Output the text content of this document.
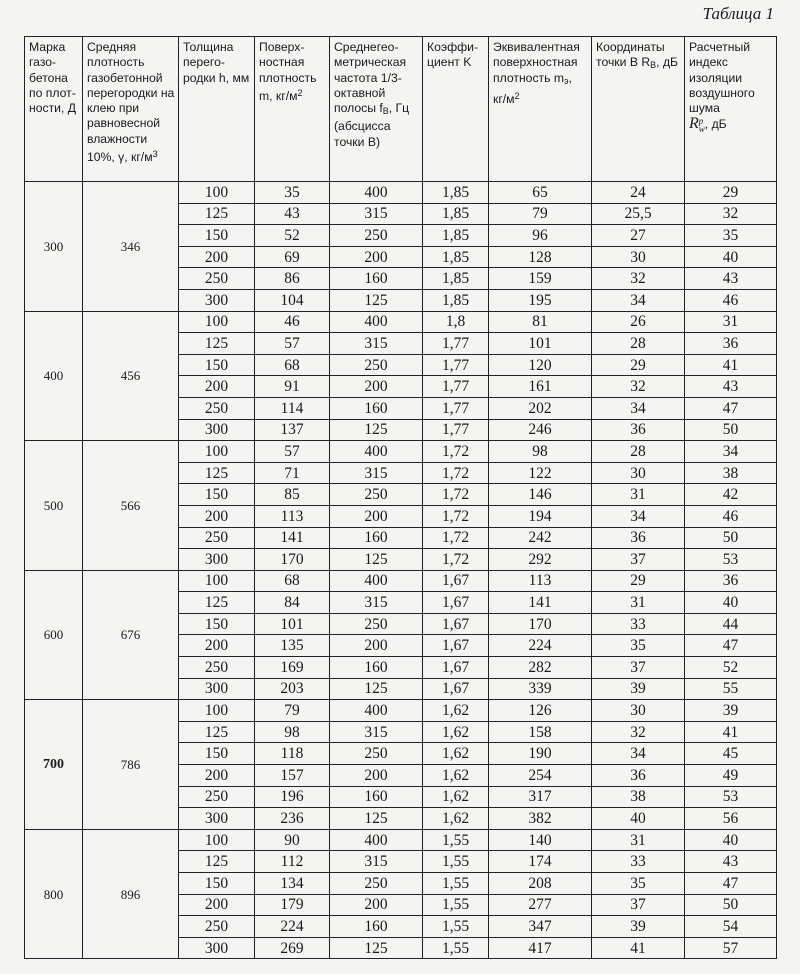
Таблица 1
Марка газо-бетона по плот-ности, Д	Средняя плотность газобетонной перегородки на клею при равновесной влажности 10%, γ, $кг/м^3$	Толщина перего-родки h, мм	Поверх-ностная плотность m, $кг/м^2$	Среднегео-метрическая частота 1/3-октавной полосы $f_B$, Гц (абсцисса точки В)	Коэффи-циент K	Эквивалентная поверхностная плотность $m_э$, $кг/м^2$	Координаты точки B $R_B$, дБ	Расчетный индекс изоляции воздушного шума
Rp
w, дБ
300	346	100	35	400	1,85	65	24	29
		125	43	315	1,85	79	25,5	32
		150	52	250	1,85	96	27	35
		200	69	200	1,85	128	30	40
		250	86	160	1,85	159	32	43
		300	104	125	1,85	195	34	46
400	456	100	46	400	1,8	81	26	31
		125	57	315	1,77	101	28	36
		150	68	250	1,77	120	29	41
		200	91	200	1,77	161	32	43
		250	114	160	1,77	202	34	47
		300	137	125	1,77	246	36	50
500	566	100	57	400	1,72	98	28	34
		125	71	315	1,72	122	30	38
		150	85	250	1,72	146	31	42
		200	113	200	1,72	194	34	46
		250	141	160	1,72	242	36	50
		300	170	125	1,72	292	37	53
600	676	100	68	400	1,67	113	29	36
		125	84	315	1,67	141	31	40
		150	101	250	1,67	170	33	44
		200	135	200	1,67	224	35	47
		250	169	160	1,67	282	37	52
		300	203	125	1,67	339	39	55
700	786	100	79	400	1,62	126	30	39
		125	98	315	1,62	158	32	41
		150	118	250	1,62	190	34	45
		200	157	200	1,62	254	36	49
		250	196	160	1,62	317	38	53
		300	236	125	1,62	382	40	56
800	896	100	90	400	1,55	140	31	40
		125	112	315	1,55	174	33	43
		150	134	250	1,55	208	35	47
		200	179	200	1,55	277	37	50
		250	224	160	1,55	347	39	54
		300	269	125	1,55	417	41	57
